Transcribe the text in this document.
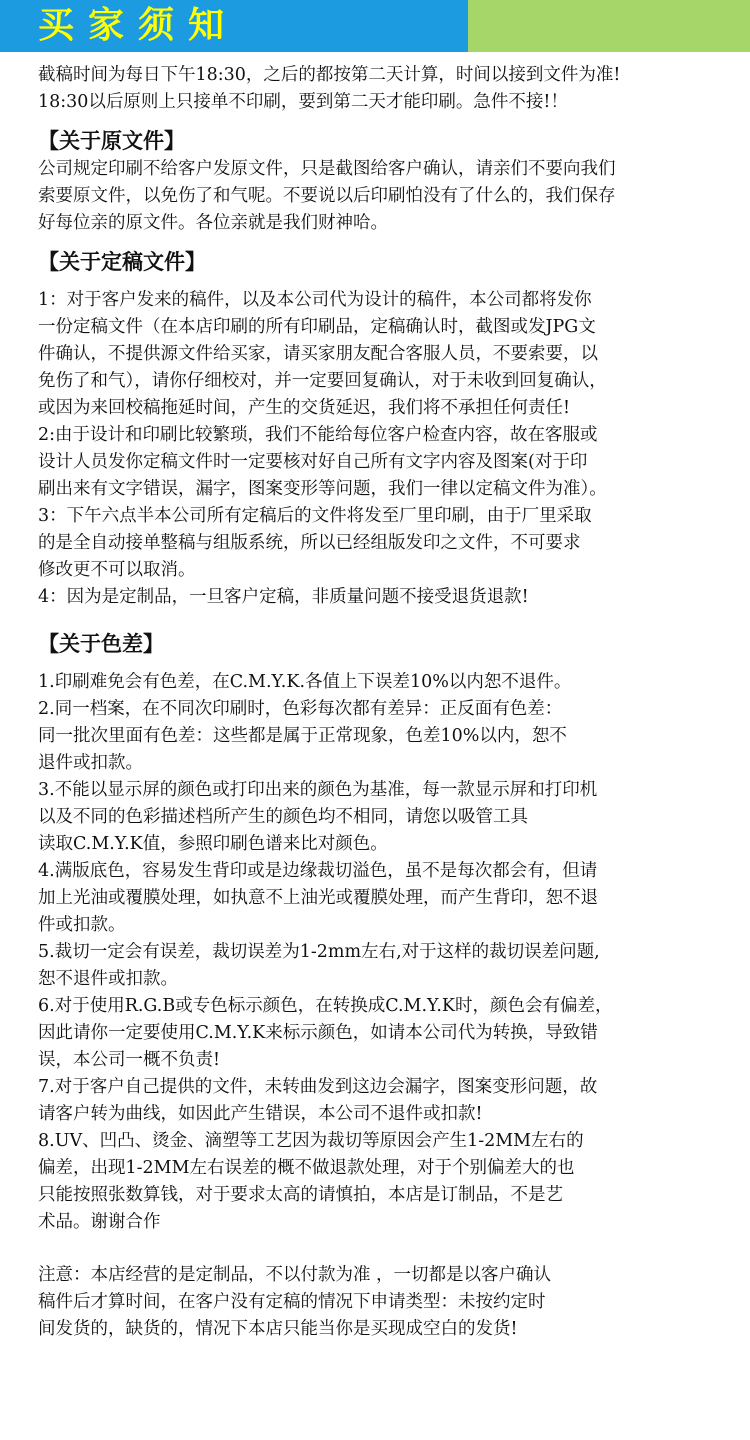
买家须知

截稿时间为每日下午18:30，之后的都按第二天计算，时间以接到文件为准!

18:30以后原则上只接单不印刷，要到第二天才能印刷。急件不接!！

【关于原文件】

公司规定印刷不给客户发原文件，只是截图给客户确认，请亲们不要向我们

索要原文件，以免伤了和气呢。不要说以后印刷怕没有了什么的，我们保存

好每位亲的原文件。各位亲就是我们财神哈。

【关于定稿文件】

1：对于客户发来的稿件，以及本公司代为设计的稿件，本公司都将发你

一份定稿文件（在本店印刷的所有印刷品，定稿确认时，截图或发JPG文

件确认，不提供源文件给买家，请买家朋友配合客服人员，不要索要，以

免伤了和气），请你仔细校对，并一定要回复确认，对于未收到回复确认，

或因为来回校稿拖延时间，产生的交货延迟，我们将不承担任何责任!

2:由于设计和印刷比较繁琐，我们不能给每位客户检查内容，故在客服或

设计人员发你定稿文件时一定要核对好自己所有文字内容及图案(对于印

刷出来有文字错误，漏字，图案变形等问题，我们一律以定稿文件为准）。

3：下午六点半本公司所有定稿后的文件将发至厂里印刷，由于厂里采取

的是全自动接单整稿与组版系统，所以已经组版发印之文件，不可要求

修改更不可以取消。

4：因为是定制品，一旦客户定稿，非质量问题不接受退货退款!

【关于色差】

1.印刷难免会有色差，在C.M.Y.K.各值上下误差10%以内恕不退件。

2.同一档案，在不同次印刷时，色彩每次都有差异：正反面有色差：

同一批次里面有色差：这些都是属于正常现象，色差10%以内，恕不

退件或扣款。

3.不能以显示屏的颜色或打印出来的颜色为基准，每一款显示屏和打印机

以及不同的色彩描述档所产生的颜色均不相同，请您以吸管工具

读取C.M.Y.K值，参照印刷色谱来比对颜色。

4.满版底色，容易发生背印或是边缘裁切溢色，虽不是每次都会有，但请

加上光油或覆膜处理，如执意不上油光或覆膜处理，而产生背印，恕不退

件或扣款。

5.裁切一定会有误差，裁切误差为1-2mm左右,对于这样的裁切误差问题,

恕不退件或扣款。

6.对于使用R.G.B或专色标示颜色，在转换成C.M.Y.K时，颜色会有偏差，

因此请你一定要使用C.M.Y.K来标示颜色，如请本公司代为转换，导致错

误，本公司一概不负责!

7.对于客户自己提供的文件，未转曲发到这边会漏字，图案变形问题，故

请客户转为曲线，如因此产生错误，本公司不退件或扣款!

8.UV、凹凸、烫金、滴塑等工艺因为裁切等原因会产生1-2MM左右的

偏差，出现1-2MM左右误差的概不做退款处理，对于个别偏差大的也

只能按照张数算钱，对于要求太高的请慎拍，本店是订制品，不是艺

术品。谢谢合作

注意：本店经营的是定制品，不以付款为准 ，一切都是以客户确认

稿件后才算时间，在客户没有定稿的情况下申请类型：未按约定时

间发货的，缺货的，情况下本店只能当你是买现成空白的发货!
